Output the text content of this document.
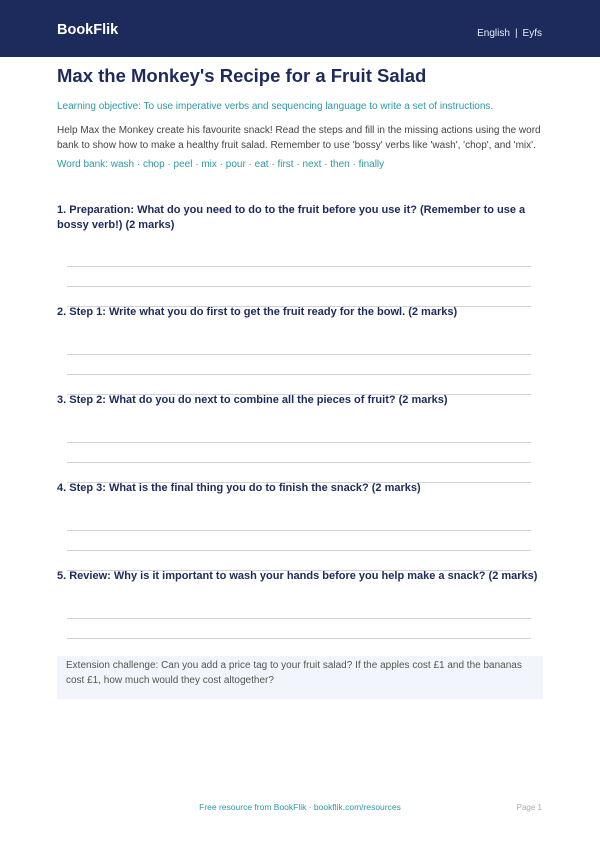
BookFlik	English | Eyfs
Max the Monkey's Recipe for a Fruit Salad
Learning objective: To use imperative verbs and sequencing language to write a set of instructions.
Help Max the Monkey create his favourite snack! Read the steps and fill in the missing actions using the word bank to show how to make a healthy fruit salad. Remember to use 'bossy' verbs like 'wash', 'chop', and 'mix'.
Word bank: wash · chop · peel · mix · pour · eat · first · next · then · finally
1. Preparation: What do you need to do to the fruit before you use it? (Remember to use a bossy verb!) (2 marks)
2. Step 1: Write what you do first to get the fruit ready for the bowl. (2 marks)
3. Step 2: What do you do next to combine all the pieces of fruit? (2 marks)
4. Step 3: What is the final thing you do to finish the snack? (2 marks)
5. Review: Why is it important to wash your hands before you help make a snack? (2 marks)
Extension challenge: Can you add a price tag to your fruit salad? If the apples cost £1 and the bananas cost £1, how much would they cost altogether?
Free resource from BookFlik · bookflik.com/resources	Page 1
